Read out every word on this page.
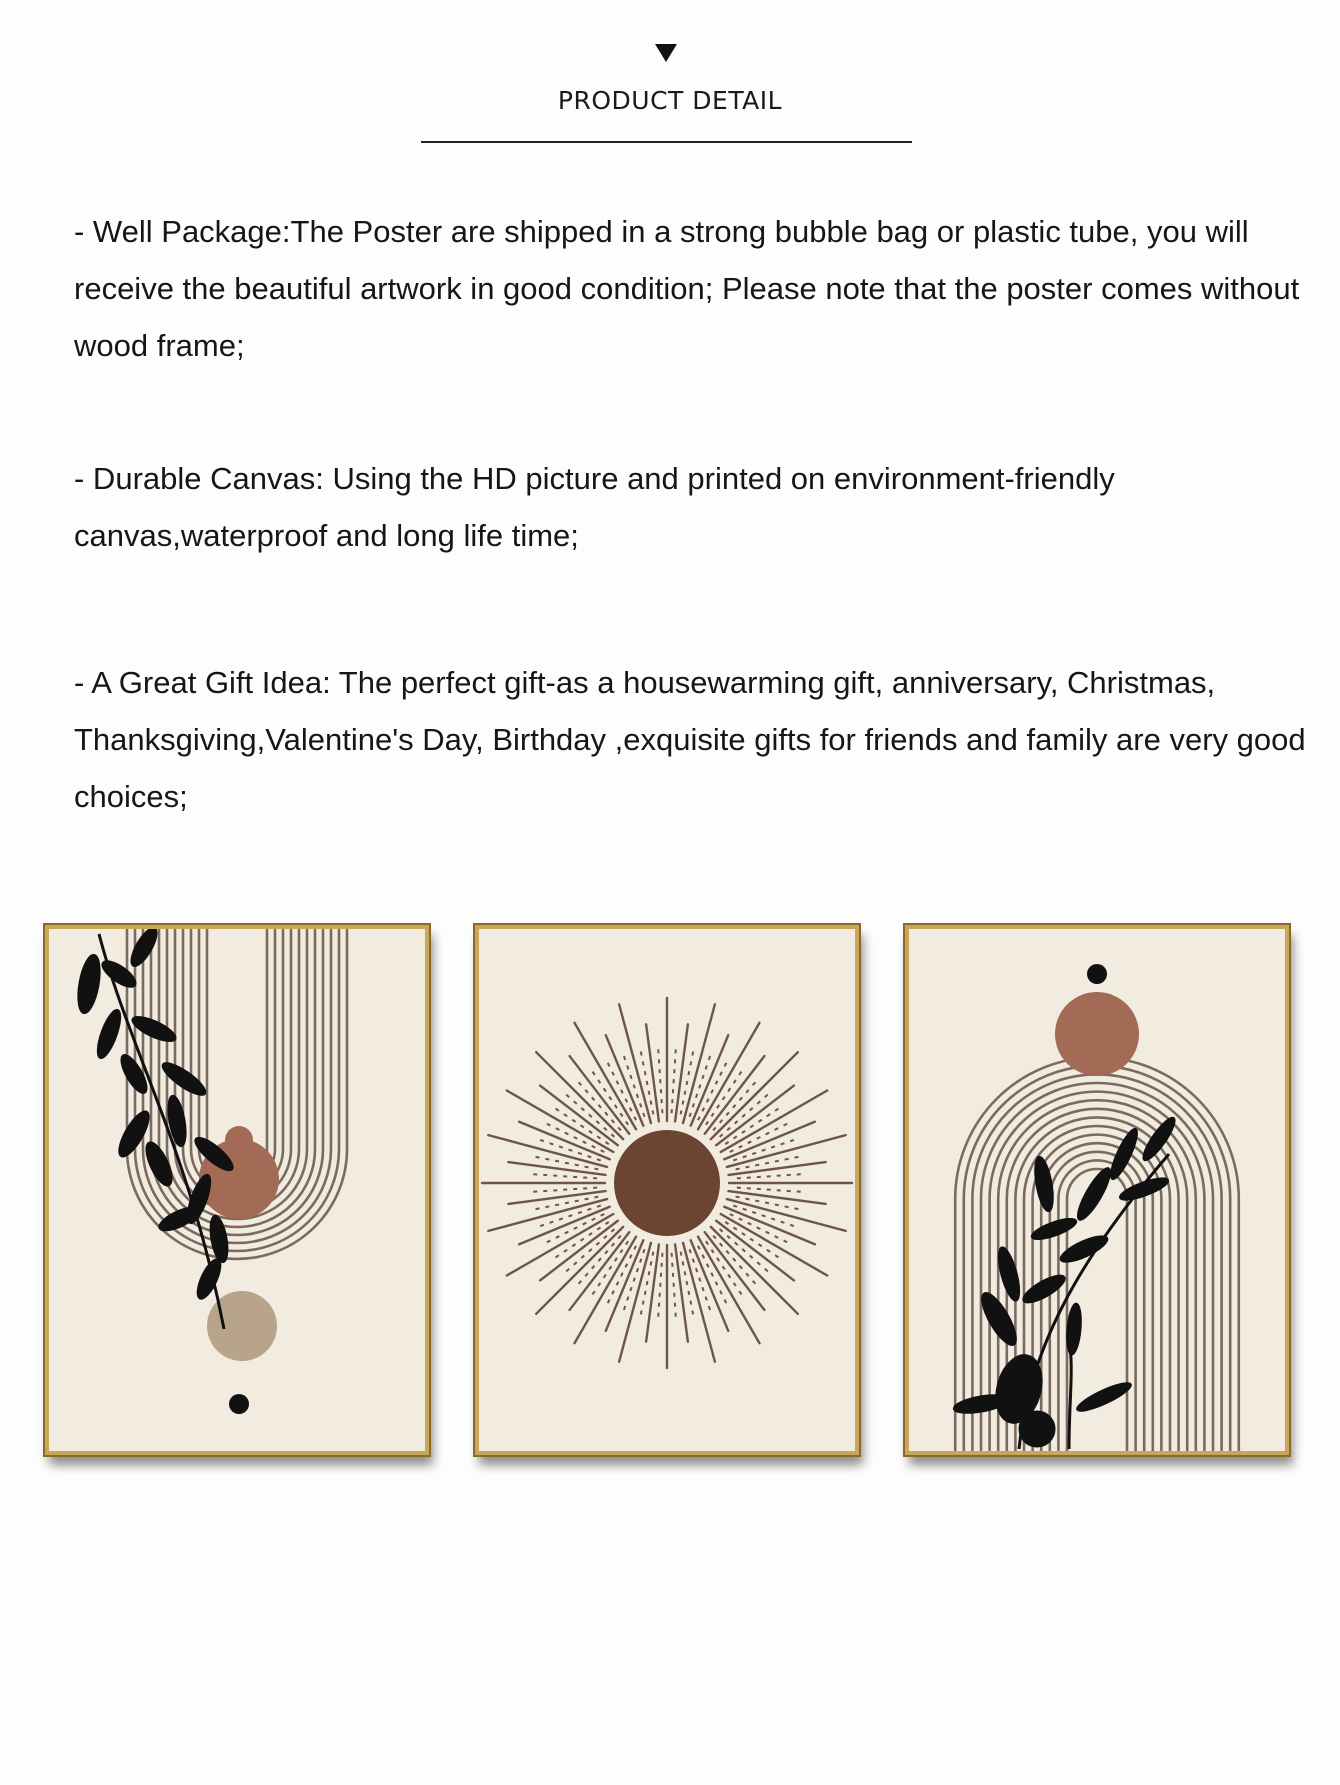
PRODUCT DETAIL

- Well Package:The Poster are shipped in a strong bubble bag or plastic tube, you will receive the beautiful artwork in good condition; Please note that the poster comes without wood frame;

- Durable Canvas: Using the HD picture and printed on environment-friendly canvas,waterproof and long life time;

- A Great Gift Idea: The perfect gift-as a housewarming gift, anniversary, Christmas, Thanksgiving,Valentine's Day, Birthday ,exquisite gifts for friends and family are very good choices;
